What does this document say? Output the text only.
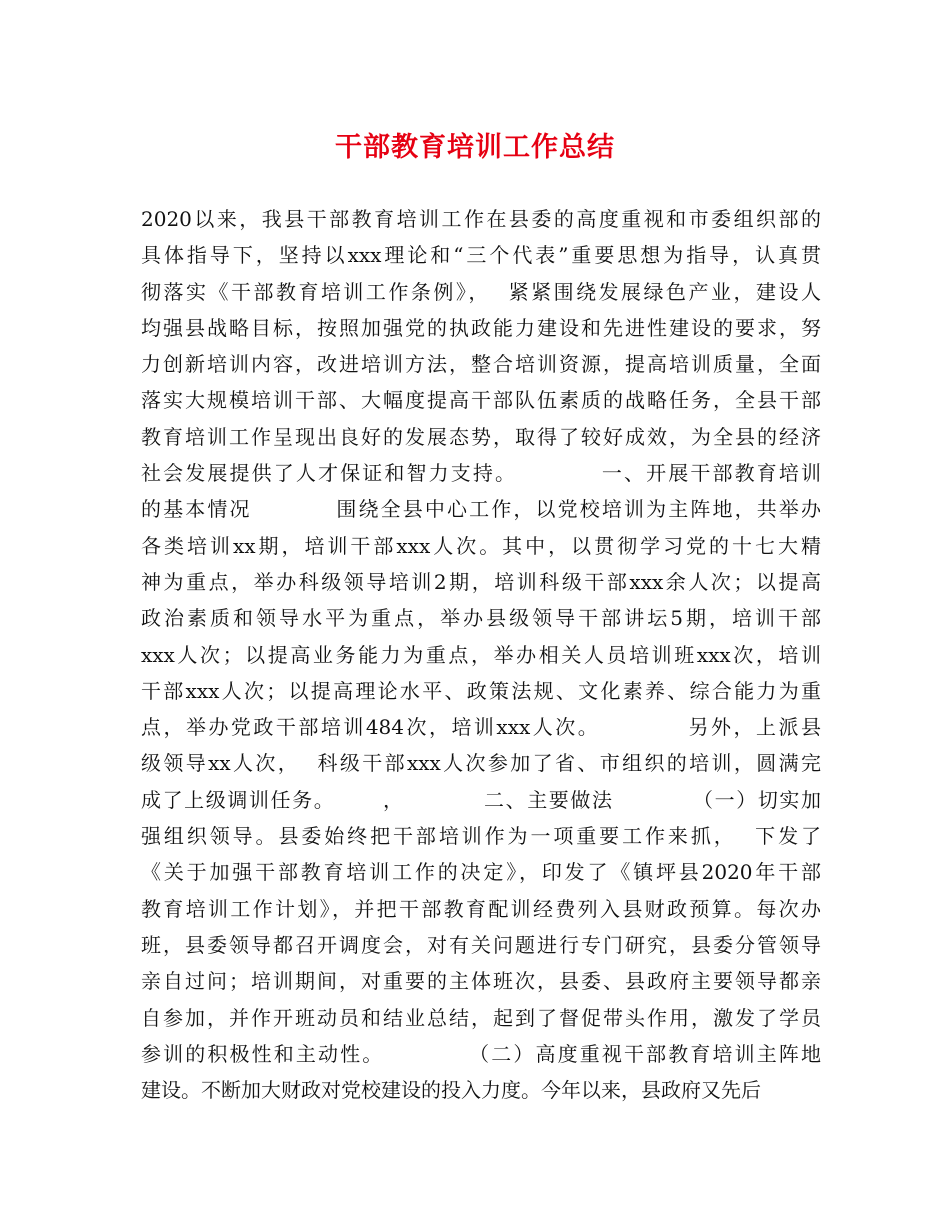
干部教育培训工作总结
2020以来，我县干部教育培训工作在县委的高度重视和市委组织部的
具体指导下，坚持以xxx理论和“三个代表”重要思想为指导，认真贯
彻落实《干部教育培训工作条例》，  紧紧围绕发展绿色产业，建设人
均强县战略目标，按照加强党的执政能力建设和先进性建设的要求，努
力创新培训内容，改进培训方法，整合培训资源，提高培训质量，全面
落实大规模培训干部、大幅度提高干部队伍素质的战略任务，全县干部
教育培训工作呈现出良好的发展态势，取得了较好成效，为全县的经济
社会发展提供了人才保证和智力支持。          一、开展干部教育培训
的基本情况          围绕全县中心工作，以党校培训为主阵地，共举办
各类培训xx期，培训干部xxx人次。其中，以贯彻学习党的十七大精
神为重点，举办科级领导培训2期，培训科级干部xxx余人次；以提高
政治素质和领导水平为重点，举办县级领导干部讲坛5期，培训干部
xxx人次；以提高业务能力为重点，举办相关人员培训班xxx次，培训
干部xxx人次；以提高理论水平、政策法规、文化素养、综合能力为重
点，举办党政干部培训484次，培训xxx人次。          另外，上派县
级领导xx人次，  科级干部xxx人次参加了省、市组织的培训，圆满完
成了上级调训任务。      ，          二、主要做法          （一）切实加
强组织领导。县委始终把干部培训作为一项重要工作来抓，  下发了
《关于加强干部教育培训工作的决定》，印发了《镇坪县2020年干部
教育培训工作计划》，并把干部教育配训经费列入县财政预算。每次办
班，县委领导都召开调度会，对有关问题进行专门研究，县委分管领导
亲自过问；培训期间，对重要的主体班次，县委、县政府主要领导都亲
自参加，并作开班动员和结业总结，起到了督促带头作用，激发了学员
参训的积极性和主动性。          （二）高度重视干部教育培训主阵地
建设。不断加大财政对党校建设的投入力度。今年以来，县政府又先后
